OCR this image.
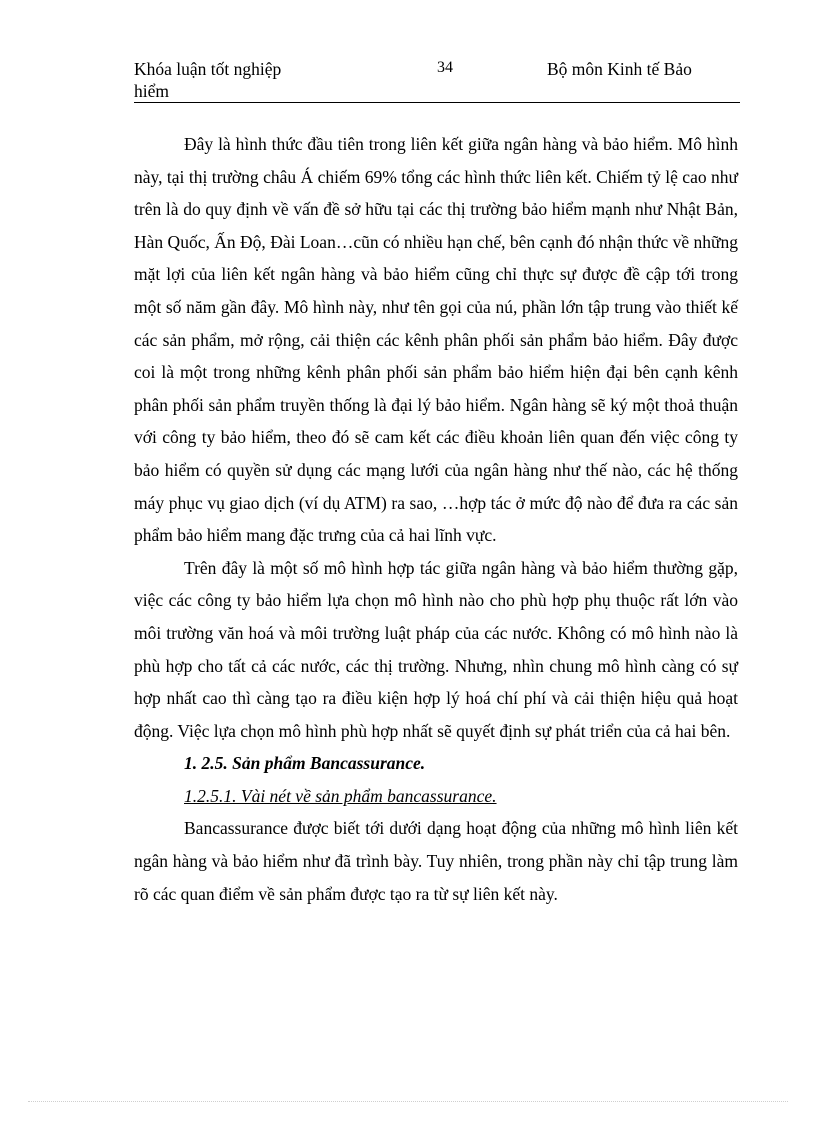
Khóa luận tốt nghiệp hiểm
34	Bộ môn Kinh tế Bảo

Đây là hình thức đầu tiên trong liên kết giữa ngân hàng và bảo hiểm. Mô hình này, tại thị trường châu Á chiếm 69% tổng các hình thức liên kết. Chiếm tỷ lệ cao như trên là do quy định về vấn đề sở hữu tại các thị trường bảo hiểm mạnh như Nhật Bản, Hàn Quốc, Ấn Độ, Đài Loan…cũn có nhiều hạn chế, bên cạnh đó nhận thức về những mặt lợi của liên kết ngân hàng và bảo hiểm cũng chỉ thực sự được đề cập tới trong một số năm gần đây. Mô hình này, như tên gọi của nú, phần lớn tập trung vào thiết kế các sản phẩm, mở rộng, cải thiện các kênh phân phối sản phẩm bảo hiểm. Đây được coi là một trong những kênh phân phối sản phẩm bảo hiểm hiện đại bên cạnh kênh phân phối sản phẩm truyền thống là đại lý bảo hiểm. Ngân hàng sẽ ký một thoả thuận với công ty bảo hiểm, theo đó sẽ cam kết các điều khoản liên quan đến việc công ty bảo hiểm có quyền sử dụng các mạng lưới của ngân hàng như thế nào, các hệ thống máy phục vụ giao dịch (ví dụ ATM) ra sao, …hợp tác ở mức độ nào để đưa ra các sản phẩm bảo hiểm mang đặc trưng của cả hai lĩnh vực.

Trên đây là một số mô hình hợp tác giữa ngân hàng và bảo hiểm thường gặp, việc các công ty bảo hiểm lựa chọn mô hình nào cho phù hợp phụ thuộc rất lớn vào môi trường văn hoá và môi trường luật pháp của các nước. Không có mô hình nào là phù hợp cho tất cả các nước, các thị trường. Nhưng, nhìn chung mô hình càng có sự hợp nhất cao thì càng tạo ra điều kiện hợp lý hoá chí phí và cải thiện hiệu quả hoạt động. Việc lựa chọn mô hình phù hợp nhất sẽ quyết định sự phát triển của cả hai bên.

1. 2.5. Sản phẩm Bancassurance.

1.2.5.1. Vài nét về sản phẩm bancassurance.

Bancassurance được biết tới dưới dạng hoạt động của những mô hình liên kết ngân hàng và bảo hiểm như đã trình bày. Tuy nhiên, trong phần này chỉ tập trung làm rõ các quan điểm về sản phẩm được tạo ra từ sự liên kết này.
